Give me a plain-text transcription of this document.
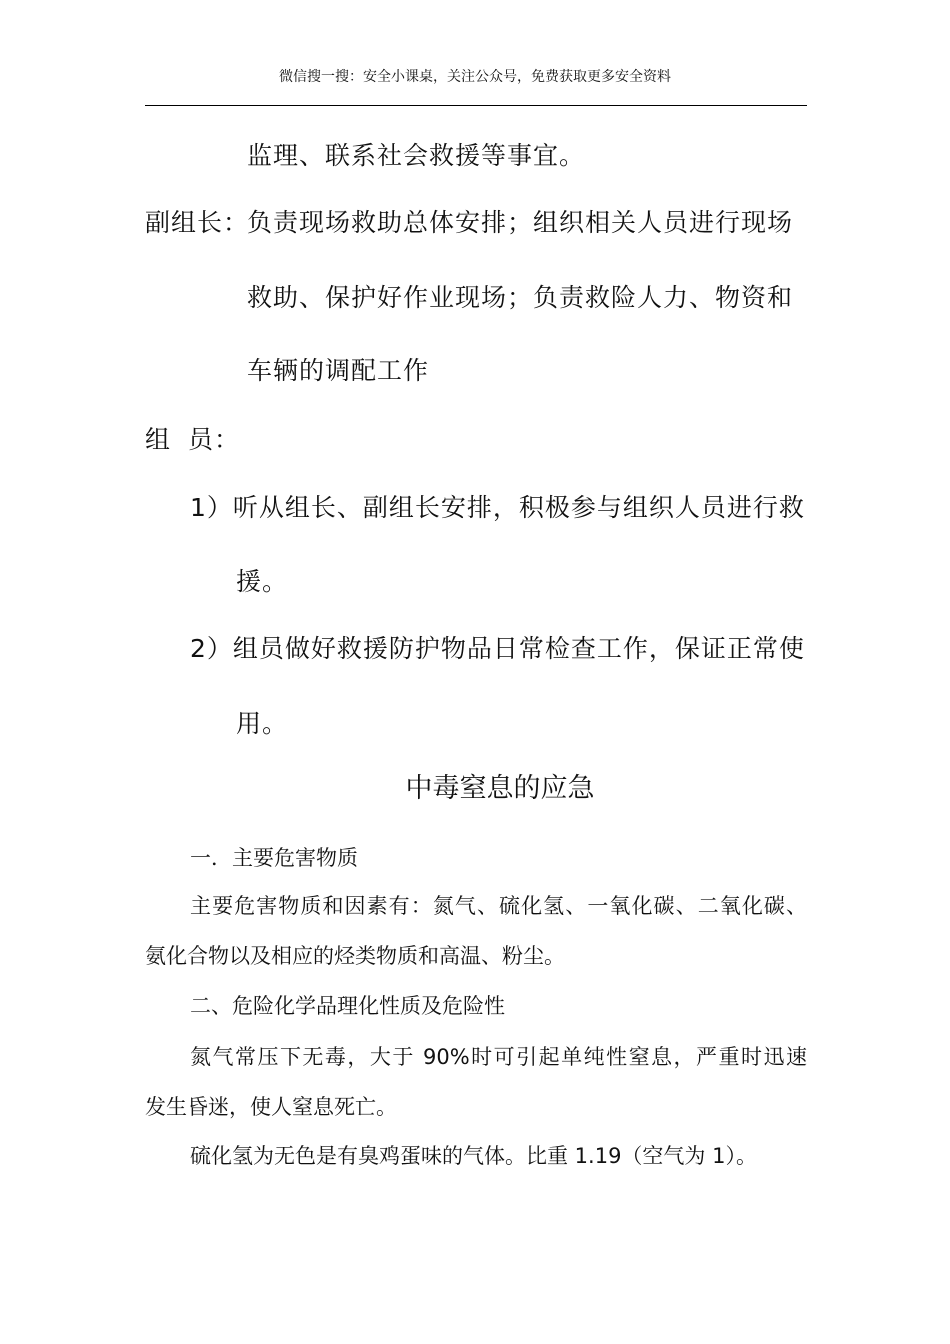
微信搜一搜：安全小课桌，关注公众号，免费获取更多安全资料
监理、联系社会救援等事宜。
副组长：
负责现场救助总体安排；组织相关人员进行现场
救助、保护好作业现场；负责救险人力、物资和
车辆的调配工作
组 员：
1）听从组长、副组长安排，积极参与组织人员进行救
援。
2）组员做好救援防护物品日常检查工作，保证正常使
用。
中毒窒息的应急
一．主要危害物质
主要危害物质和因素有：氮气、硫化氢、一氧化碳、二氧化碳、
氨化合物以及相应的烃类物质和高温、粉尘。
二、危险化学品理化性质及危险性
氮气常压下无毒，大于 90%时可引起单纯性窒息，严重时迅速
发生昏迷，使人窒息死亡。
硫化氢为无色是有臭鸡蛋味的气体。比重 1.19（空气为 1）。
